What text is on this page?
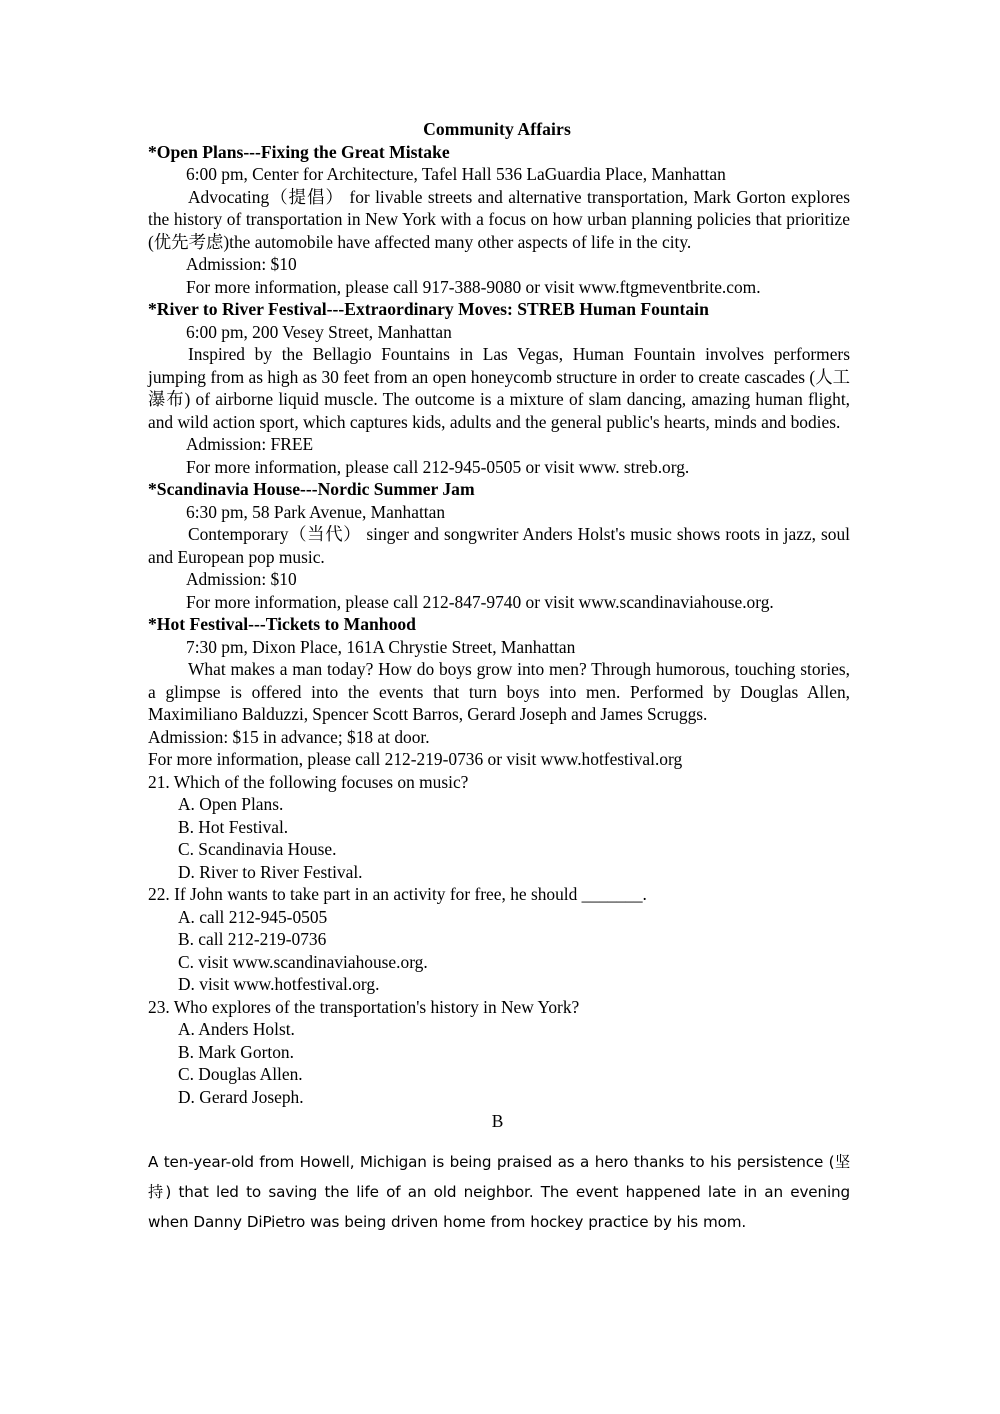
Community Affairs
*Open Plans---Fixing the Great Mistake
6:00 pm, Center for Architecture, Tafel Hall 536 LaGuardia Place, Manhattan
Advocating（提倡） for livable streets and alternative transportation, Mark Gorton explores the history of transportation in New York with a focus on how urban planning policies that prioritize (优先考虑)the automobile have affected many other aspects of life in the city.
Admission: $10
For more information, please call 917-388-9080 or visit www.ftgmeventbrite.com.
*River to River Festival---Extraordinary Moves: STREB Human Fountain
6:00 pm, 200 Vesey Street, Manhattan
Inspired by the Bellagio Fountains in Las Vegas, Human Fountain involves performers jumping from as high as 30 feet from an open honeycomb structure in order to create cascades (人工瀑布) of airborne liquid muscle. The outcome is a mixture of slam dancing, amazing human flight, and wild action sport, which captures kids, adults and the general public's hearts, minds and bodies.
Admission: FREE
For more information, please call 212-945-0505 or visit www. streb.org.
*Scandinavia House---Nordic Summer Jam
6:30 pm, 58 Park Avenue, Manhattan
Contemporary（当代） singer and songwriter Anders Holst's music shows roots in jazz, soul and European pop music.
Admission: $10
For more information, please call 212-847-9740 or visit www.scandinaviahouse.org.
*Hot Festival---Tickets to Manhood
7:30 pm, Dixon Place, 161A Chrystie Street, Manhattan
What makes a man today? How do boys grow into men? Through humorous, touching stories, a glimpse is offered into the events that turn boys into men. Performed by Douglas Allen, Maximiliano Balduzzi, Spencer Scott Barros, Gerard Joseph and James Scruggs.
Admission: $15 in advance; $18 at door.
For more information, please call 212-219-0736 or visit www.hotfestival.org
21. Which of the following focuses on music?
A. Open Plans.
B. Hot Festival.
C. Scandinavia House.
D. River to River Festival.
22. If John wants to take part in an activity for free, he should _______.
A. call 212-945-0505
B. call 212-219-0736
C. visit www.scandinaviahouse.org.
D. visit www.hotfestival.org.
23. Who explores of the transportation's history in New York?
A. Anders Holst.
B. Mark Gorton.
C. Douglas Allen.
D. Gerard Joseph.
B
A ten-year-old from Howell, Michigan is being praised as a hero thanks to his persistence (坚持) that led to saving the life of an old neighbor. The event happened late in an evening when Danny DiPietro was being driven home from hockey practice by his mom.
